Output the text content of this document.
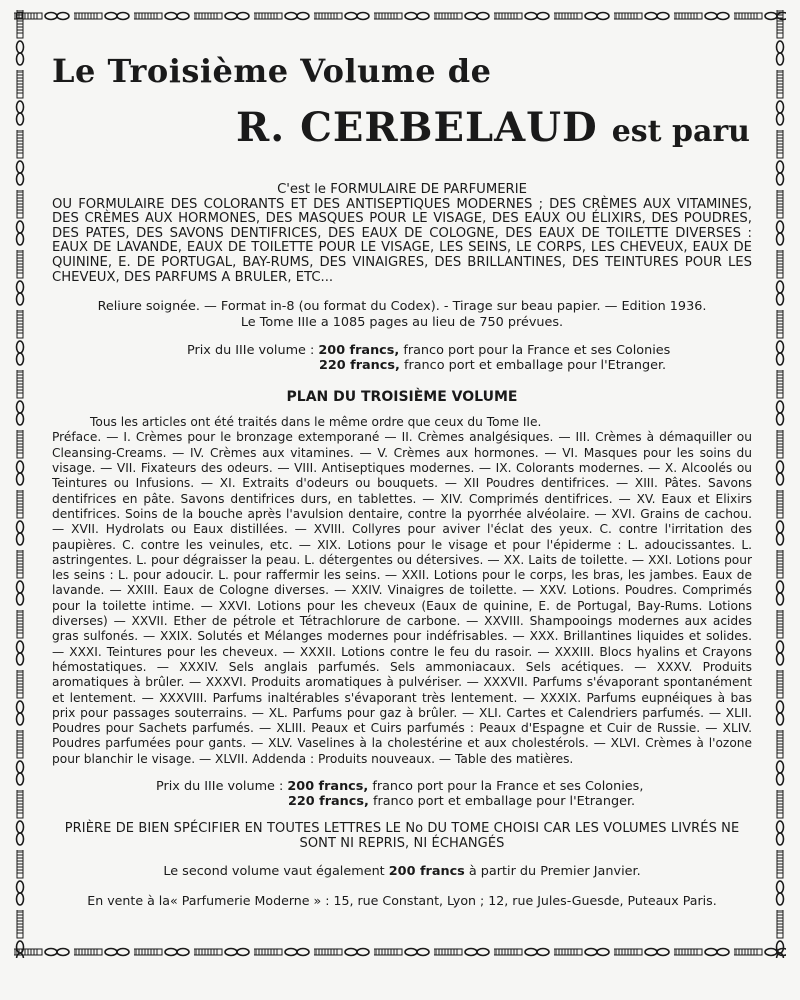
Le Troisième Volume de
R. CERBELAUD est paru
C'est le FORMULAIRE DE PARFUMERIE
OU FORMULAIRE DES COLORANTS ET DES ANTISEPTIQUES MODERNES ; DES CRÈMES AUX VITAMINES, DES CRÈMES AUX HORMONES, DES MASQUES POUR LE VISAGE, DES EAUX OU ÉLIXIRS, DES POUDRES, DES PATES, DES SAVONS DENTIFRICES, DES EAUX DE COLOGNE, DES EAUX DE TOILETTE DIVERSES : EAUX DE LAVANDE, EAUX DE TOILETTE POUR LE VISAGE, LES SEINS, LE CORPS, LES CHEVEUX, EAUX DE QUININE, E. DE PORTUGAL, BAY-RUMS, DES VINAIGRES, DES BRILLANTINES, DES TEINTURES POUR LES CHEVEUX, DES PARFUMS A BRULER, ETC...
Reliure soignée. — Format in-8 (ou format du Codex). - Tirage sur beau papier. — Edition 1936.
Le Tome IIIe a 1085 pages au lieu de 750 prévues.
Prix du IIIe volume : 200 francs, franco port pour la France et ses Colonies
220 francs, franco port et emballage pour l'Etranger.
PLAN DU TROISIÈME VOLUME
Tous les articles ont été traités dans le même ordre que ceux du Tome IIe.
Préface. — I. Crèmes pour le bronzage extemporané — II. Crèmes analgésiques. — III. Crèmes à démaquiller ou Cleansing-Creams. — IV. Crèmes aux vitamines. — V. Crèmes aux hormones. — VI. Masques pour les soins du visage. — VII. Fixateurs des odeurs. — VIII. Antiseptiques modernes. — IX. Colorants modernes. — X. Alcoolés ou Teintures ou Infusions. — XI. Extraits d'odeurs ou bouquets. — XII Poudres dentifrices. — XIII. Pâtes. Savons dentifrices en pâte. Savons dentifrices durs, en tablettes. — XIV. Comprimés dentifrices. — XV. Eaux et Elixirs dentifrices. Soins de la bouche après l'avulsion dentaire, contre la pyorrhée alvéolaire. — XVI. Grains de cachou. — XVII. Hydrolats ou Eaux distillées. — XVIII. Collyres pour aviver l'éclat des yeux. C. contre l'irritation des paupières. C. contre les veinules, etc. — XIX. Lotions pour le visage et pour l'épiderme : L. adoucissantes. L. astringentes. L. pour dégraisser la peau. L. détergentes ou détersives. — XX. Laits de toilette. — XXI. Lotions pour les seins : L. pour adoucir. L. pour raffermir les seins. — XXII. Lotions pour le corps, les bras, les jambes. Eaux de lavande. — XXIII. Eaux de Cologne diverses. — XXIV. Vinaigres de toilette. — XXV. Lotions. Poudres. Comprimés pour la toilette intime. — XXVI. Lotions pour les cheveux (Eaux de quinine, E. de Portugal, Bay-Rums. Lotions diverses) — XXVII. Ether de pétrole et Tétrachlorure de carbone. — XXVIII. Shampooings modernes aux acides gras sulfonés. — XXIX. Solutés et Mélanges modernes pour indéfrisables. — XXX. Brillantines liquides et solides. — XXXI. Teintures pour les cheveux. — XXXII. Lotions contre le feu du rasoir. — XXXIII. Blocs hyalins et Crayons hémostatiques. — XXXIV. Sels anglais parfumés. Sels ammoniacaux. Sels acétiques. — XXXV. Produits aromatiques à brûler. — XXXVI. Produits aromatiques à pulvériser. — XXXVII. Parfums s'évaporant spontanément et lentement. — XXXVIII. Parfums inaltérables s'évaporant très lentement. — XXXIX. Parfums eupnéiques à bas prix pour passages souterrains. — XL. Parfums pour gaz à brûler. — XLI. Cartes et Calendriers parfumés. — XLII. Poudres pour Sachets parfumés. — XLIII. Peaux et Cuirs parfumés : Peaux d'Espagne et Cuir de Russie. — XLIV. Poudres parfumées pour gants. — XLV. Vaselines à la cholestérine et aux cholestérols. — XLVI. Crèmes à l'ozone pour blanchir le visage. — XLVII. Addenda : Produits nouveaux. — Table des matières.
Prix du IIIe volume : 200 francs, franco port pour la France et ses Colonies,
220 francs, franco port et emballage pour l'Etranger.
PRIÈRE DE BIEN SPÉCIFIER EN TOUTES LETTRES LE No DU TOME CHOISI CAR LES VOLUMES LIVRÉS NE SONT NI REPRIS, NI ÉCHANGÉS
Le second volume vaut également 200 francs à partir du Premier Janvier.
En vente à la« Parfumerie Moderne » : 15, rue Constant, Lyon ; 12, rue Jules-Guesde, Puteaux Paris.
